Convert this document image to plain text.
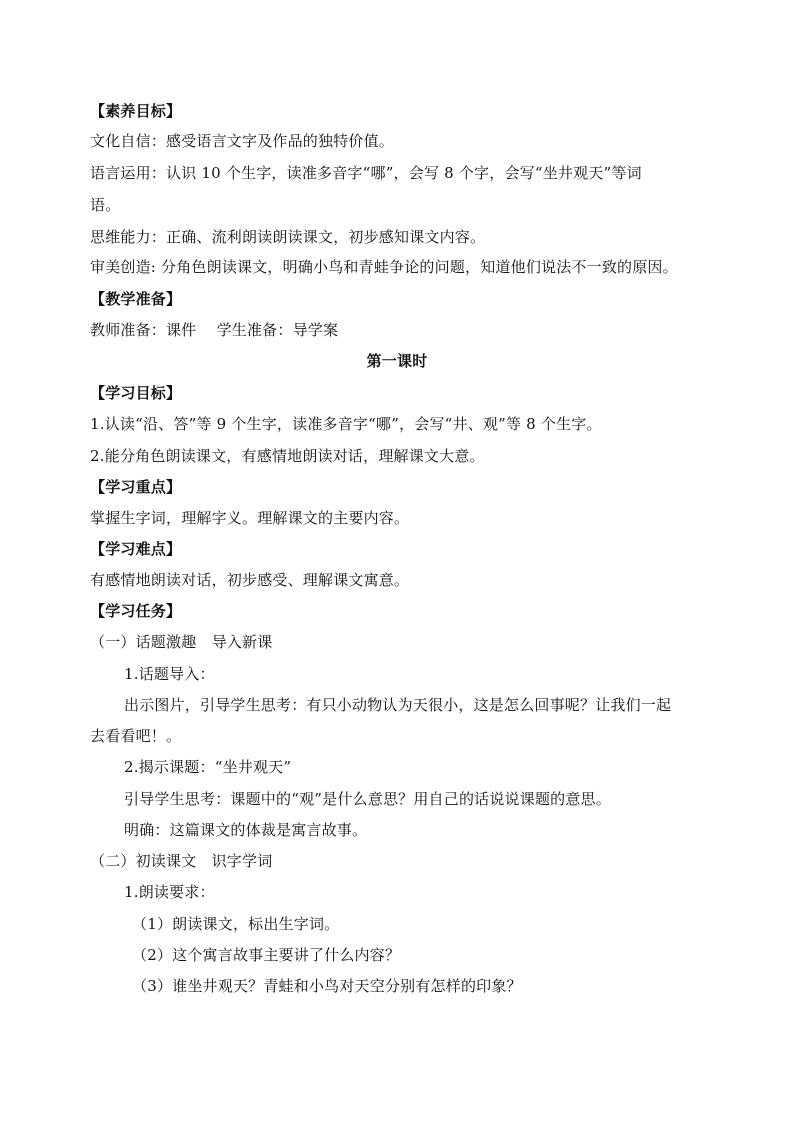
【素养目标】
文化自信：感受语言文字及作品的独特价值。
语言运用：认识 10 个生字，读准多音字“哪”，会写 8 个字，会写“坐井观天”等词
语。
思维能力：正确、流利朗读朗读课文，初步感知课文内容。
审美创造: 分角色朗读课文，明确小鸟和青蛙争论的问题，知道他们说法不一致的原因。
【教学准备】
教师准备：课件　 学生准备：导学案
第一课时
【学习目标】
1.认读“沿、答”等 9 个生字，读准多音字“哪”，会写“井、观”等 8 个生字。
2.能分角色朗读课文，有感情地朗读对话，理解课文大意。
【学习重点】
掌握生字词，理解字义。理解课文的主要内容。
【学习难点】
有感情地朗读对话，初步感受、理解课文寓意。
【学习任务】
（一）话题激趣　导入新课
1.话题导入：
出示图片，引导学生思考：有只小动物认为天很小，这是怎么回事呢？让我们一起
去看看吧！。
2.揭示课题：“坐井观天”
引导学生思考：课题中的“观”是什么意思？用自己的话说说课题的意思。
明确：这篇课文的体裁是寓言故事。
（二）初读课文　识字学词
1.朗读要求：
（1）朗读课文，标出生字词。
（2）这个寓言故事主要讲了什么内容？
（3）谁坐井观天？青蛙和小鸟对天空分别有怎样的印象？
